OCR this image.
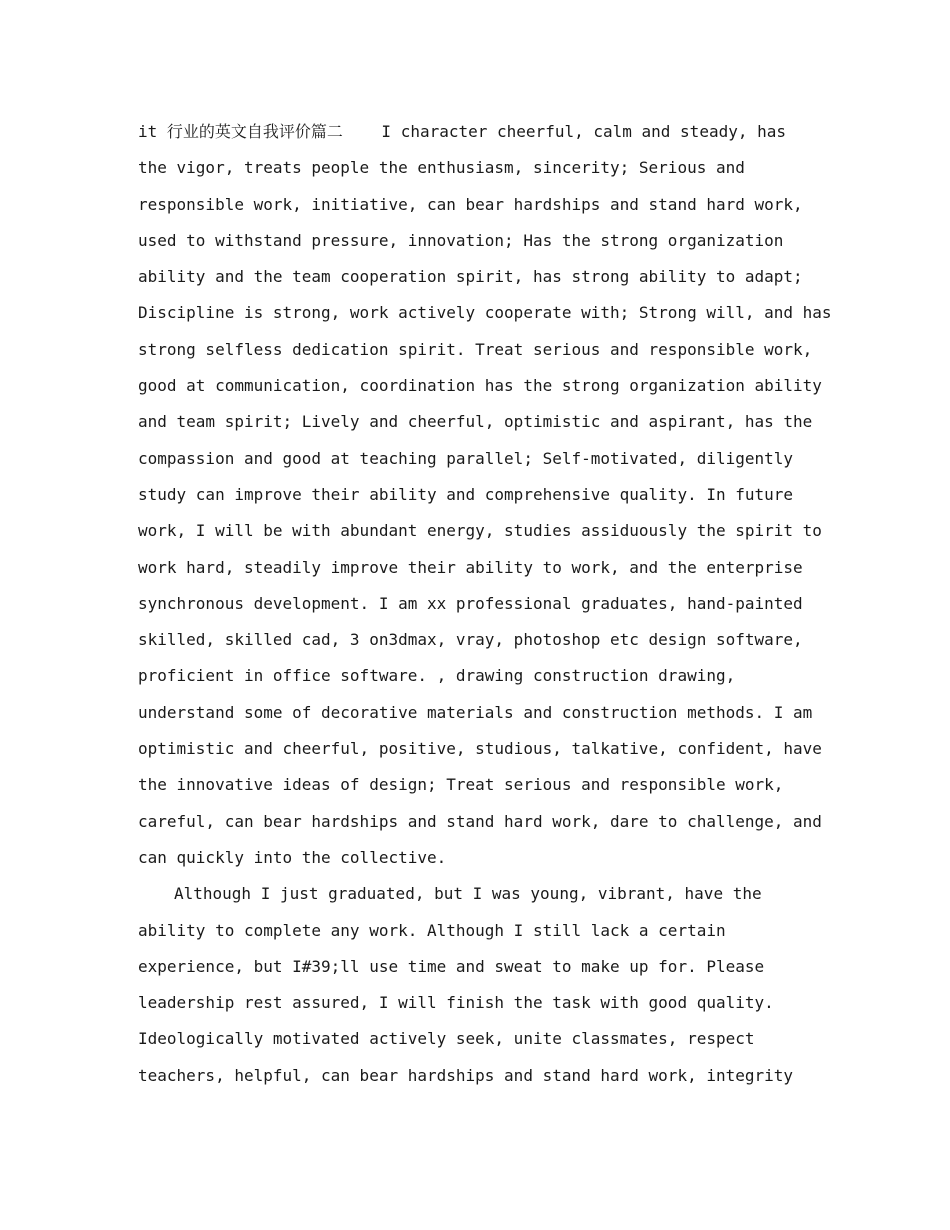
it 行业的英文自我评价篇二    I character cheerful, calm and steady, has
the vigor, treats people the enthusiasm, sincerity; Serious and
responsible work, initiative, can bear hardships and stand hard work,
used to withstand pressure, innovation; Has the strong organization
ability and the team cooperation spirit, has strong ability to adapt;
Discipline is strong, work actively cooperate with; Strong will, and has
strong selfless dedication spirit. Treat serious and responsible work,
good at communication, coordination has the strong organization ability
and team spirit; Lively and cheerful, optimistic and aspirant, has the
compassion and good at teaching parallel; Self-motivated, diligently
study can improve their ability and comprehensive quality. In future
work, I will be with abundant energy, studies assiduously the spirit to
work hard, steadily improve their ability to work, and the enterprise
synchronous development. I am xx professional graduates, hand-painted
skilled, skilled cad, 3 on3dmax, vray, photoshop etc design software,
proficient in office software. , drawing construction drawing,
understand some of decorative materials and construction methods. I am
optimistic and cheerful, positive, studious, talkative, confident, have
the innovative ideas of design; Treat serious and responsible work,
careful, can bear hardships and stand hard work, dare to challenge, and
can quickly into the collective.
Although I just graduated, but I was young, vibrant, have the
ability to complete any work. Although I still lack a certain
experience, but I#39;ll use time and sweat to make up for. Please
leadership rest assured, I will finish the task with good quality.
Ideologically motivated actively seek, unite classmates, respect
teachers, helpful, can bear hardships and stand hard work, integrity
